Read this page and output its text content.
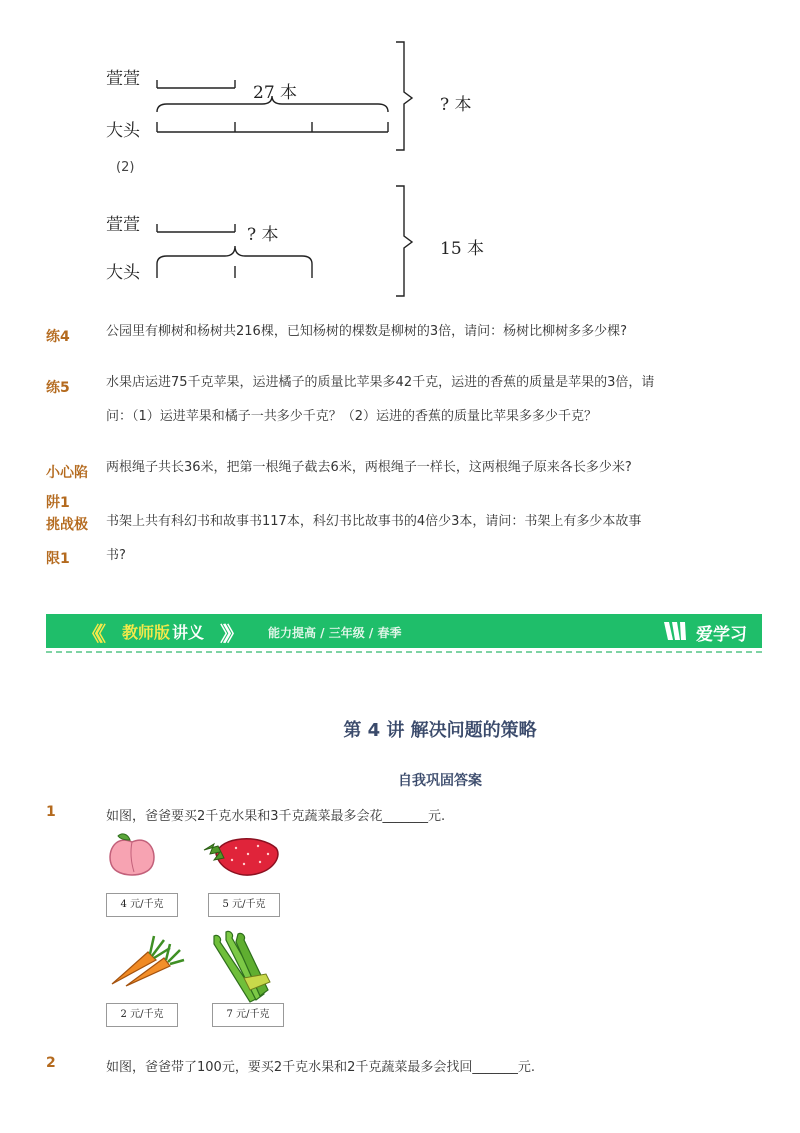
萱萱
大头
27 本
? 本
(2)
萱萱
大头
? 本
15 本
练4	公园里有柳树和杨树共216棵，已知杨树的棵数是柳树的3倍，请问：杨树比柳树多多少棵?
练5	水果店运进75千克苹果，运进橘子的质量比苹果多42千克，运进的香蕉的质量是苹果的3倍，请
问：（1）运进苹果和橘子一共多少千克？（2）运进的香蕉的质量比苹果多多少千克？
小心陷 两根绳子共长36米，把第一根绳子截去6米，两根绳子一样长，这两根绳子原来各长多少米?
阱1
挑战极 书架上共有科幻书和故事书117本，科幻书比故事书的4倍少3本，请问：书架上有多少本故事
限1	书?
《《 教师版 讲义 》》	能力提高 / 三年级 / 春季	爱学习
第 4 讲 解决问题的策略
自我巩固答案
1	如图，爸爸要买2千克水果和3千克蔬菜最多会花_______元.
4 元/千克	5 元/千克
2 元/千克	7 元/千克
2	如图，爸爸带了100元，要买2千克水果和2千克蔬菜最多会找回_______元.
